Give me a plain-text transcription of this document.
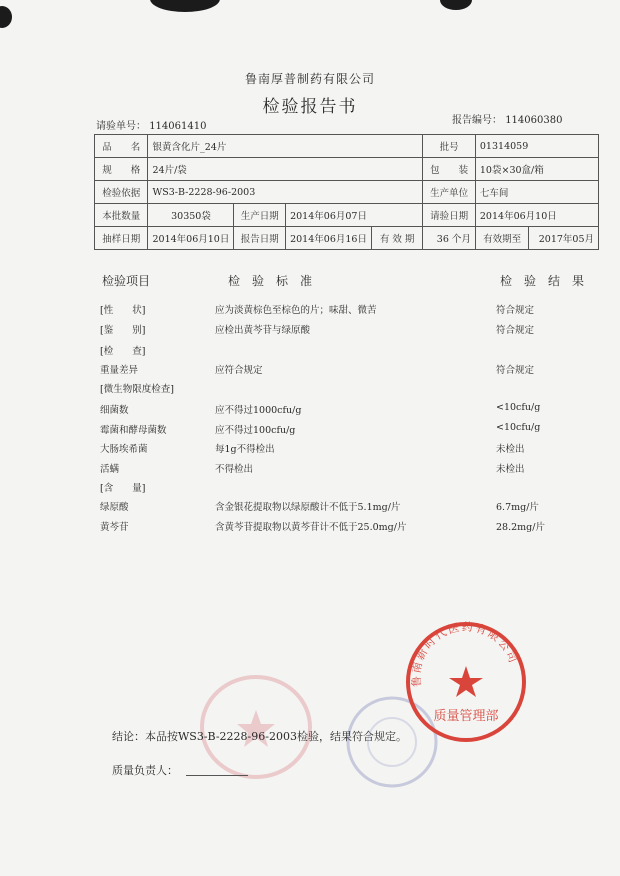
鲁南厚普制药有限公司
检验报告书
请验单号： 114061410
报告编号： 114060380
品　　名	银黄含化片_24片				批号	01314059	
规　　格	24片/袋				包　　装	10袋×30盒/箱	
检验依据	WS3-B-2228-96-2003				生产单位	七车间	
本批数量	30350袋	生产日期	2014年06月07日		请验日期	2014年06月10日	
抽样日期	2014年06月10日	报告日期	2014年06月16日	有 效 期	36 个月	有效期至	2017年05月
检验项目	检　验　标　准	检　验　结　果
[性　　状]	应为淡黄棕色至棕色的片；味甜、微苦	符合规定
[鉴　　别]	应检出黄芩苷与绿原酸	符合规定
[检　　查]
重量差异	应符合规定	符合规定
[微生物限度检查]
细菌数	应不得过1000cfu/g	<10cfu/g
霉菌和酵母菌数	应不得过100cfu/g	<10cfu/g
大肠埃希菌	每1g不得检出	未检出
活螨	不得检出	未检出
[含　　量]
绿原酸	含金银花提取物以绿原酸计不低于5.1mg/片	6.7mg/片
黄芩苷	含黄芩苷提取物以黄芩苷计不低于25.0mg/片	28.2mg/片
鲁南新时代医药有限公司
质量管理部
结论：本品按WS3-B-2228-96-2003检验，结果符合规定。
质量负责人：
